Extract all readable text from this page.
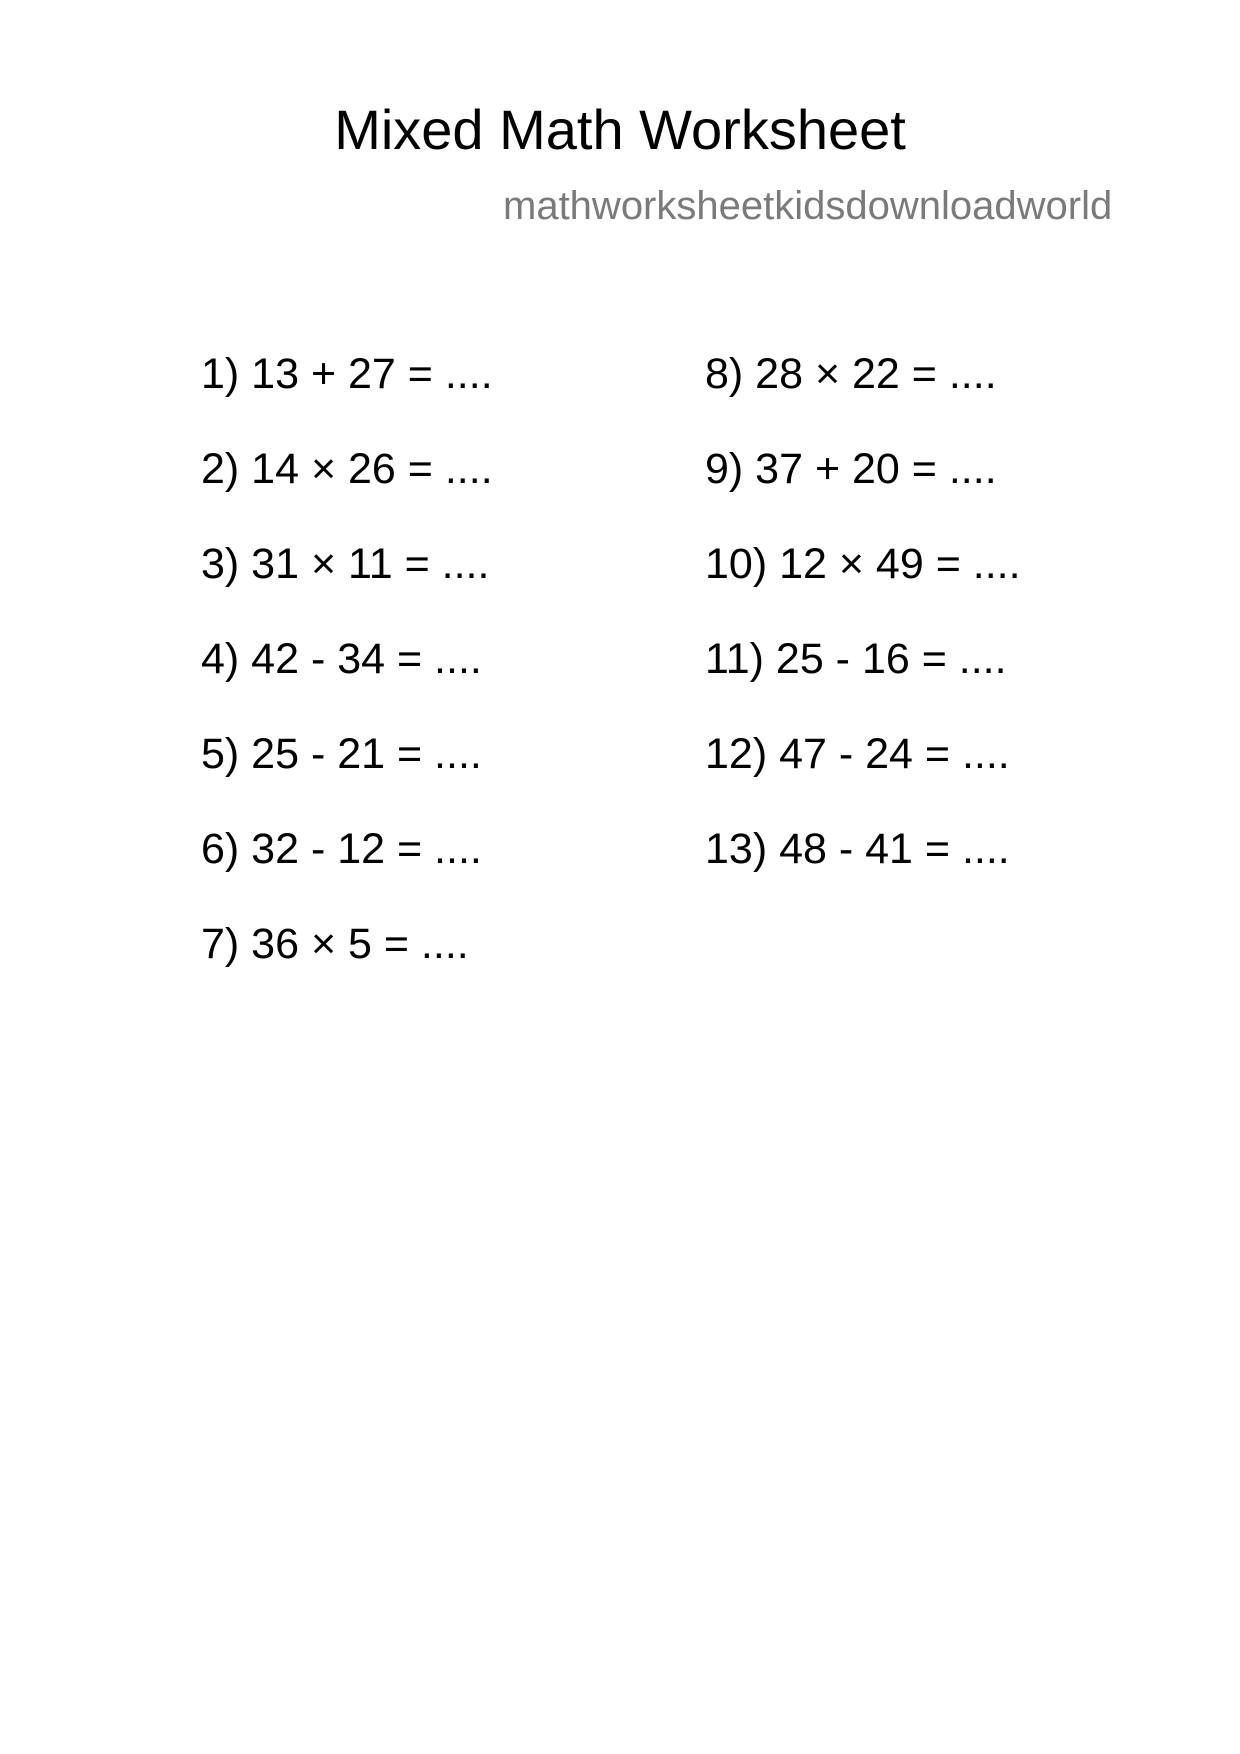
Mixed Math Worksheet
mathworksheetkidsdownloadworld
1) 13 + 27 = ....
2) 14 × 26 = ....
3) 31 × 11 = ....
4) 42 - 34 = ....
5) 25 - 21 = ....
6) 32 - 12 = ....
7) 36 × 5 = ....
8) 28 × 22 = ....
9) 37 + 20 = ....
10) 12 × 49 = ....
11) 25 - 16 = ....
12) 47 - 24 = ....
13) 48 - 41 = ....
